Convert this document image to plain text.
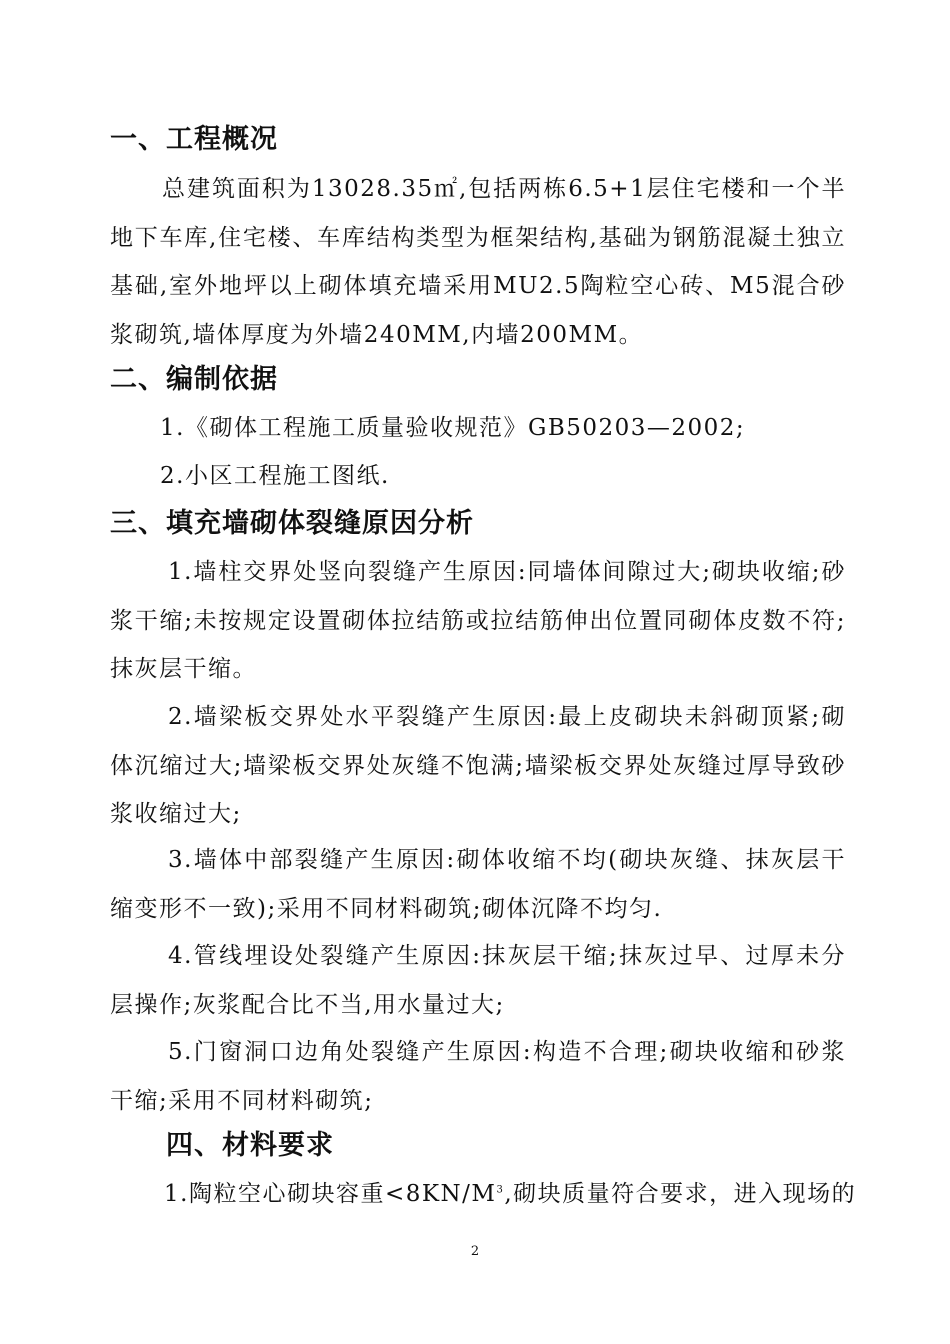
一、工程概况
总建筑面积为13028.35㎡,包括两栋6.5+1层住宅楼和一个半地下车库,住宅楼、车库结构类型为框架结构,基础为钢筋混凝土独立基础,室外地坪以上砌体填充墙采用MU2.5陶粒空心砖、M5混合砂浆砌筑,墙体厚度为外墙240MM,内墙200MM。
二、编制依据
1.《砌体工程施工质量验收规范》GB50203—2002;
2.小区工程施工图纸.
三、填充墙砌体裂缝原因分析
1.墙柱交界处竖向裂缝产生原因:同墙体间隙过大;砌块收缩;砂浆干缩;未按规定设置砌体拉结筋或拉结筋伸出位置同砌体皮数不符;抹灰层干缩。
2.墙梁板交界处水平裂缝产生原因:最上皮砌块未斜砌顶紧;砌体沉缩过大;墙梁板交界处灰缝不饱满;墙梁板交界处灰缝过厚导致砂浆收缩过大;
3.墙体中部裂缝产生原因:砌体收缩不均(砌块灰缝、抹灰层干缩变形不一致);采用不同材料砌筑;砌体沉降不均匀.
4.管线埋设处裂缝产生原因:抹灰层干缩;抹灰过早、过厚未分层操作;灰浆配合比不当,用水量过大;
5.门窗洞口边角处裂缝产生原因:构造不合理;砌块收缩和砂浆干缩;采用不同材料砌筑;
四、材料要求
1.陶粒空心砌块容重$<8KN/M^3$,砌块质量符合要求，进入现场的
2
